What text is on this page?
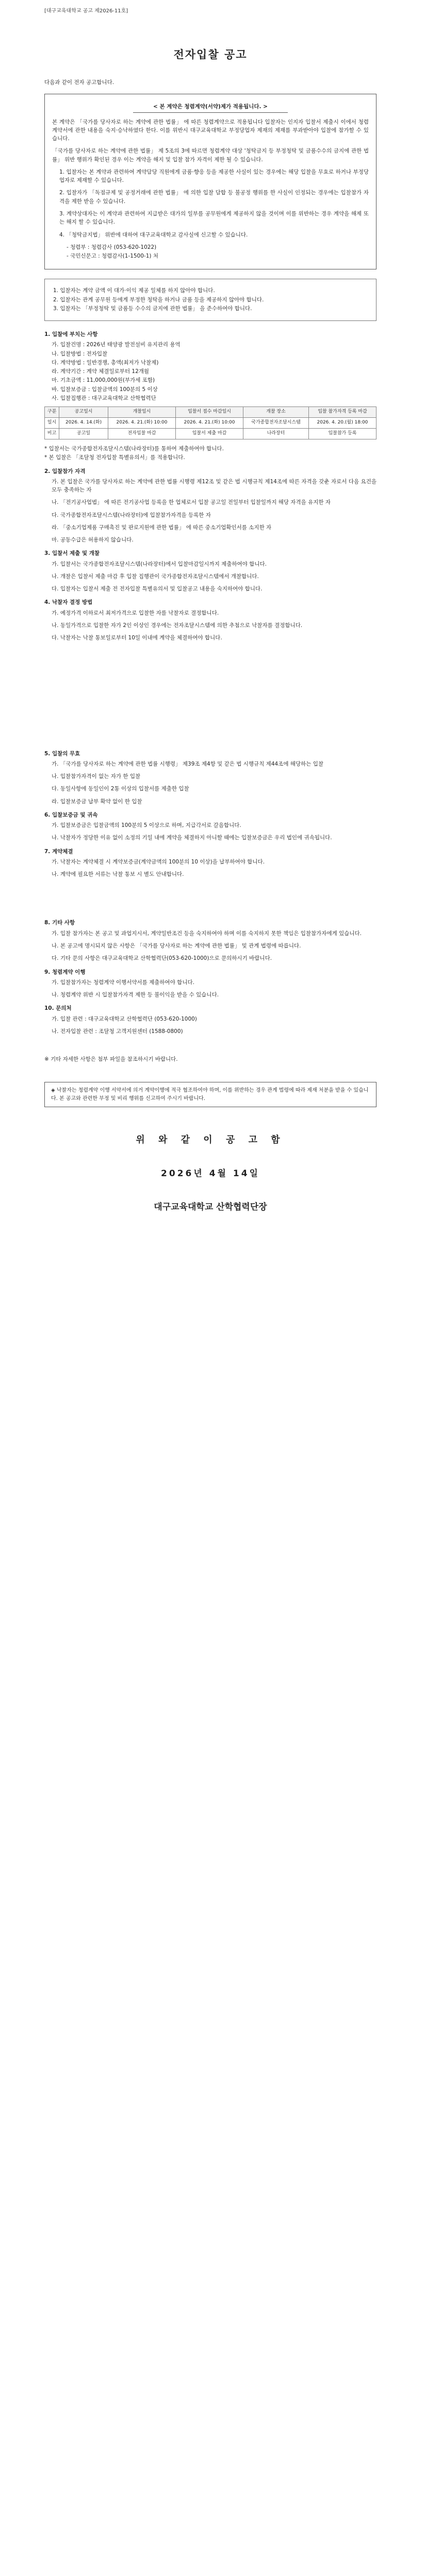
[대구교육대학교 공고 제2026-11호]
전자입찰 공고
다음과 같이 전자 공고합니다.
< 본 계약은 청렴계약(서약)제가 적용됩니다. >
본 계약은 「국가를 당사자로 하는 계약에 관한 법률」 에 따른 청렴계약으로 적용됩니다 입찰자는 인지자 입찰서 제출시 이에서 청렴계약서에 관한 내용을 숙지·승낙하였다 한다. 이를 위반시 대구교육대학교 부정당업자 제재의 제재를 부과받아야 입찰에 참가할 수 있습니다.
「국가를 당사자로 하는 계약에 관한 법률」 제 5조의 3에 따르면 청렴계약 대상 '청탁금지 등 부정청탁 및 금품수수의 금지에 관한 법률」 위반 행위가 확인된 경우 이는 계약을 해지 및 입찰 참가 자격이 제한 될 수 있습니다.
1. 입찰자는 본 계약과 관련하여 계약담당 직원에게 금품·향응 등을 제공한 사실이 있는 경우에는 해당 입찰을 무효로 하거나 부정당업자로 제재할 수 있습니다.
2. 입찰자가 「독점규제 및 공정거래에 관한 법률」 에 의한 입찰 담합 등 불공정 행위를 한 사실이 인정되는 경우에는 입찰참가 자격을 제한 받을 수 있습니다.
3. 계약상대자는 이 계약과 관련하여 지급받은 대가의 일부를 공무원에게 제공하지 않을 것이며 이를 위반하는 경우 계약을 해제 또는 해지 할 수 있습니다.
4. 「청탁금지법」 위반에 대하여 대구교육대학교 감사실에 신고할 수 있습니다.
- 청렴부 : 청렴감사 (053-620-1022)
- 국민신문고 : 청렴감사(1-1500-1) 처
1. 입찰자는 계약 금액 이 대가·이익 제공 일체를 하지 않아야 합니다.
2. 입찰자는 관계 공무원 등에게 부정한 청탁을 하거나 금품 등을 제공하지 않아야 합니다.
3. 입찰자는 「부정청탁 및 금품등 수수의 금지에 관한 법률」 을 준수하여야 합니다.
1. 입찰에 부치는 사항
가. 입찰건명 : 2026년 태양광 발전설비 유지관리 용역
나. 입찰방법 : 전자입찰
다. 계약방법 : 일반경쟁, 총액(최저가 낙찰제)
라. 계약기간 : 계약 체결일로부터 12개월
마. 기초금액 : 11,000,000원(부가세 포함)
바. 입찰보증금 : 입찰금액의 100분의 5 이상
사. 입찰집행관 : 대구교육대학교 산학협력단
구분	공고일시	개찰일시	입찰서 접수 마감일시	개찰 장소	입찰 참가자격 등록 마감
일시	2026. 4. 14.(화)	2026. 4. 21.(화) 10:00	2026. 4. 21.(화) 10:00	국가종합전자조달시스템	2026. 4. 20.(월) 18:00
비고	공고일	전자입찰 마감	입찰서 제출 마감	나라장터	입찰참가 등록
* 입찰서는 국가종합전자조달시스템(나라장터)를 통하여 제출하여야 합니다.
* 본 입찰은 「조달청 전자입찰 특별유의서」를 적용합니다.
2. 입찰참가 자격
가. 본 입찰은 국가를 당사자로 하는 계약에 관한 법률 시행령 제12조 및 같은 법 시행규칙 제14조에 따른 자격을 갖춘 자로서 다음 요건을 모두 충족하는 자
나. 「전기공사업법」 에 따른 전기공사업 등록을 한 업체로서 입찰 공고일 전일부터 입찰일까지 해당 자격을 유지한 자
다. 국가종합전자조달시스템(나라장터)에 입찰참가자격을 등록한 자
라. 「중소기업제품 구매촉진 및 판로지원에 관한 법률」 에 따른 중소기업확인서를 소지한 자
마. 공동수급은 허용하지 않습니다.
3. 입찰서 제출 및 개찰
가. 입찰서는 국가종합전자조달시스템(나라장터)에서 입찰마감일시까지 제출하여야 합니다.
나. 개찰은 입찰서 제출 마감 후 입찰 집행관이 국가종합전자조달시스템에서 개찰합니다.
다. 입찰자는 입찰서 제출 전 전자입찰 특별유의서 및 입찰공고 내용을 숙지하여야 합니다.
4. 낙찰자 결정 방법
가. 예정가격 이하로서 최저가격으로 입찰한 자를 낙찰자로 결정합니다.
나. 동일가격으로 입찰한 자가 2인 이상인 경우에는 전자조달시스템에 의한 추첨으로 낙찰자를 결정합니다.
다. 낙찰자는 낙찰 통보일로부터 10일 이내에 계약을 체결하여야 합니다.
5. 입찰의 무효
가. 「국가를 당사자로 하는 계약에 관한 법률 시행령」 제39조 제4항 및 같은 법 시행규칙 제44조에 해당하는 입찰
나. 입찰참가자격이 없는 자가 한 입찰
다. 동일사항에 동일인이 2통 이상의 입찰서를 제출한 입찰
라. 입찰보증금 납부 확약 없이 한 입찰
6. 입찰보증금 및 귀속
가. 입찰보증금은 입찰금액의 100분의 5 이상으로 하며, 지급각서로 갈음합니다.
나. 낙찰자가 정당한 이유 없이 소정의 기일 내에 계약을 체결하지 아니할 때에는 입찰보증금은 우리 법인에 귀속됩니다.
7. 계약체결
가. 낙찰자는 계약체결 시 계약보증금(계약금액의 100분의 10 이상)을 납부하여야 합니다.
나. 계약에 필요한 서류는 낙찰 통보 시 별도 안내합니다.
8. 기타 사항
가. 입찰 참가자는 본 공고 및 과업지시서, 계약일반조건 등을 숙지하여야 하며 이를 숙지하지 못한 책임은 입찰참가자에게 있습니다.
나. 본 공고에 명시되지 않은 사항은 「국가를 당사자로 하는 계약에 관한 법률」 및 관계 법령에 따릅니다.
다. 기타 문의 사항은 대구교육대학교 산학협력단(053-620-1000)으로 문의하시기 바랍니다.
9. 청렴계약 이행
가. 입찰참가자는 청렴계약 이행서약서를 제출하여야 합니다.
나. 청렴계약 위반 시 입찰참가자격 제한 등 불이익을 받을 수 있습니다.
10. 문의처
가. 입찰 관련 : 대구교육대학교 산학협력단 (053-620-1000)
나. 전자입찰 관련 : 조달청 고객지원센터 (1588-0800)
※ 기타 자세한 사항은 첨부 파일을 참조하시기 바랍니다.
◈ 낙찰자는 청렴계약 이행 서약서에 의거 계약이행에 적극 협조하여야 하며, 이를 위반하는 경우 관계 법령에 따라 제재 처분을 받을 수 있습니다. 본 공고와 관련한 부정 및 비리 행위를 신고하여 주시기 바랍니다.
위 와 같 이 공 고 함
2026년 4월 14일
대구교육대학교 산학협력단장
